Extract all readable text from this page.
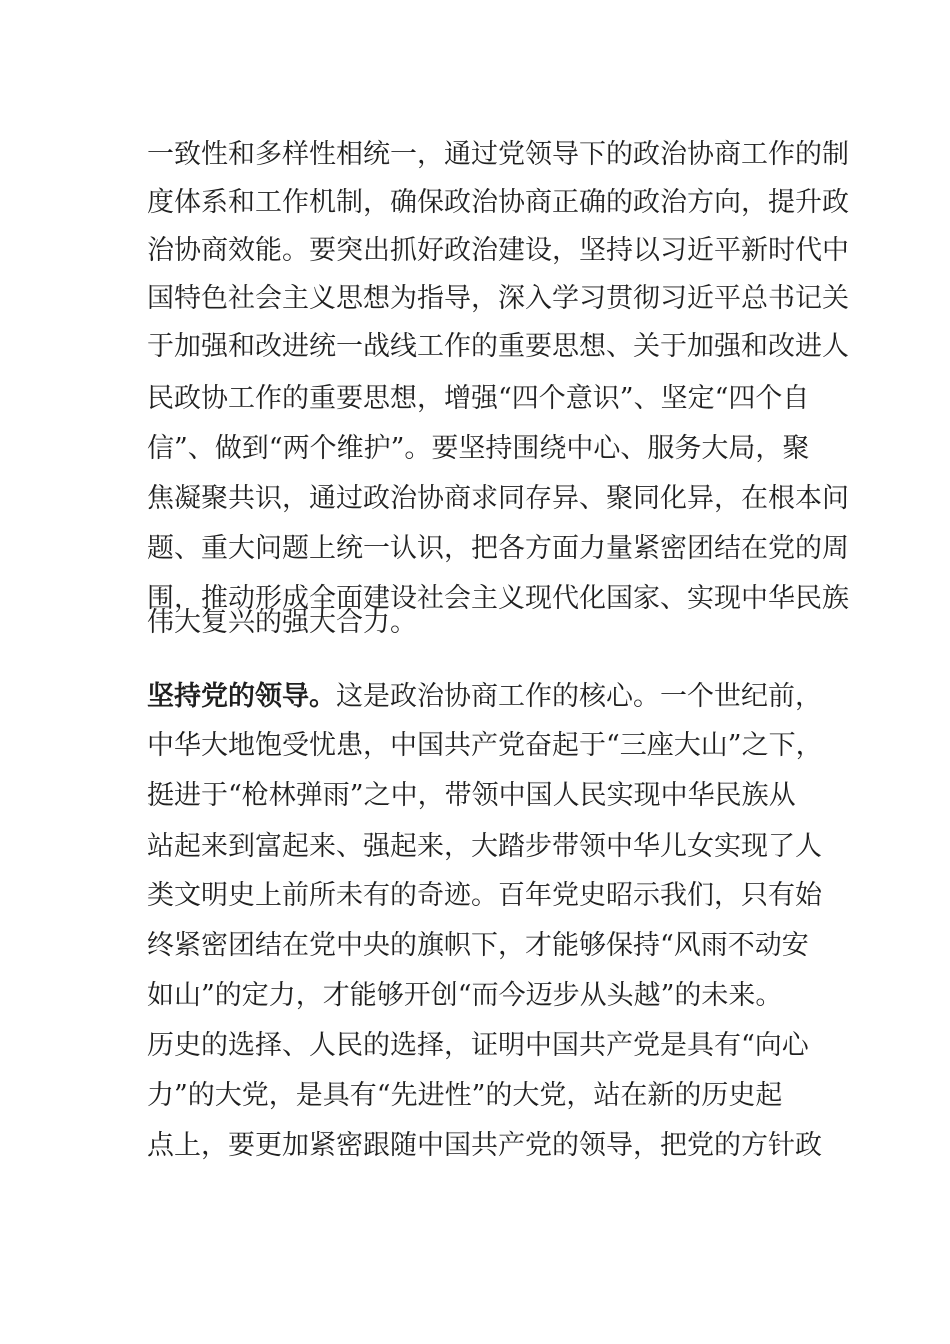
一致性和多样性相统一，通过党领导下的政治协商工作的制
度体系和工作机制，确保政治协商正确的政治方向，提升政
治协商效能。要突出抓好政治建设，坚持以习近平新时代中
国特色社会主义思想为指导，深入学习贯彻习近平总书记关
于加强和改进统一战线工作的重要思想、关于加强和改进人
民政协工作的重要思想，增强“四个意识”、坚定“四个自
信”、做到“两个维护”。要坚持围绕中心、服务大局，聚
焦凝聚共识，通过政治协商求同存异、聚同化异，在根本问
题、重大问题上统一认识，把各方面力量紧密团结在党的周
围，推动形成全面建设社会主义现代化国家、实现中华民族
伟大复兴的强大合力。
坚持党的领导。这是政治协商工作的核心。一个世纪前，
中华大地饱受忧患，中国共产党奋起于“三座大山”之下，
挺进于“枪林弹雨”之中，带领中国人民实现中华民族从
站起来到富起来、强起来，大踏步带领中华儿女实现了人
类文明史上前所未有的奇迹。百年党史昭示我们，只有始
终紧密团结在党中央的旗帜下，才能够保持“风雨不动安
如山”的定力，才能够开创“而今迈步从头越”的未来。
历史的选择、人民的选择，证明中国共产党是具有“向心
力”的大党，是具有“先进性”的大党，站在新的历史起
点上，要更加紧密跟随中国共产党的领导，把党的方针政
